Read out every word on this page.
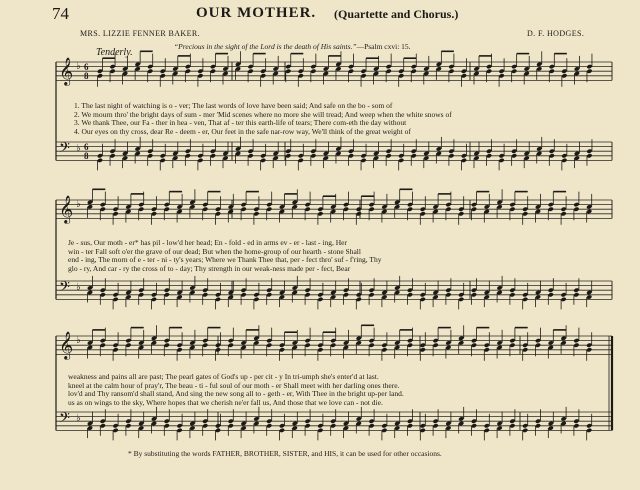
74	OUR MOTHER. (Quartette and Chorus.)
MRS. LIZZIE FENNER BAKER.	D. F. HODGES.
“Precious in the sight of the Lord is the death of His saints.”—Psalm cxvi: 15.
Tenderly.
𝄞
𝄢
♭
♭
6
8
6
8
𝄞
𝄢
♭
♭
𝄞
𝄢
♭
♭
1. The last night of watching is o - ver; The last words of love have been said; And safe on the bo - som of
2. We mourn thro' the bright days of sum - mer 'Mid scenes where no more she will tread; And weep when the white snows of
3. We thank Thee, our Fa - ther in hea - ven, That af - ter this earth-life of tears; There com-eth the day without
4. Our eyes on thy cross, dear Re - deem - er, Our feet in the safe nar-row way, We'll think of the great weight of
Je - sus, Our moth - er* has pil - low'd her head; En - fold - ed in arms ev - er - last - ing, Her
win - ter Fall soft o'er the grave of our dead; But when the home-group of our hearth - stone Shall
end - ing, The morn of e - ter - ni - ty's years; Where we Thank Thee that, per - fect thro' suf - f'ring, Thy
glo - ry, And car - ry the cross of to - day; Thy strength in our weak-ness made per - fect, Bear
weakness and pains all are past; The pearl gates of God's up - per cit - y In tri-umph she's enter'd at last.
kneel at the calm hour of pray'r, The beau - ti - ful soul of our moth - er Shall meet with her darling ones there.
lov'd and Thy ransom'd shall stand, And sing the new song all to - geth - er, With Thee in the bright up-per land.
us as on wings to the sky, Where hopes that we cherish ne'er fall us, And those that we love can - not die.
* By substituting the words FATHER, BROTHER, SISTER, and HIS, it can be used for other occasions.
